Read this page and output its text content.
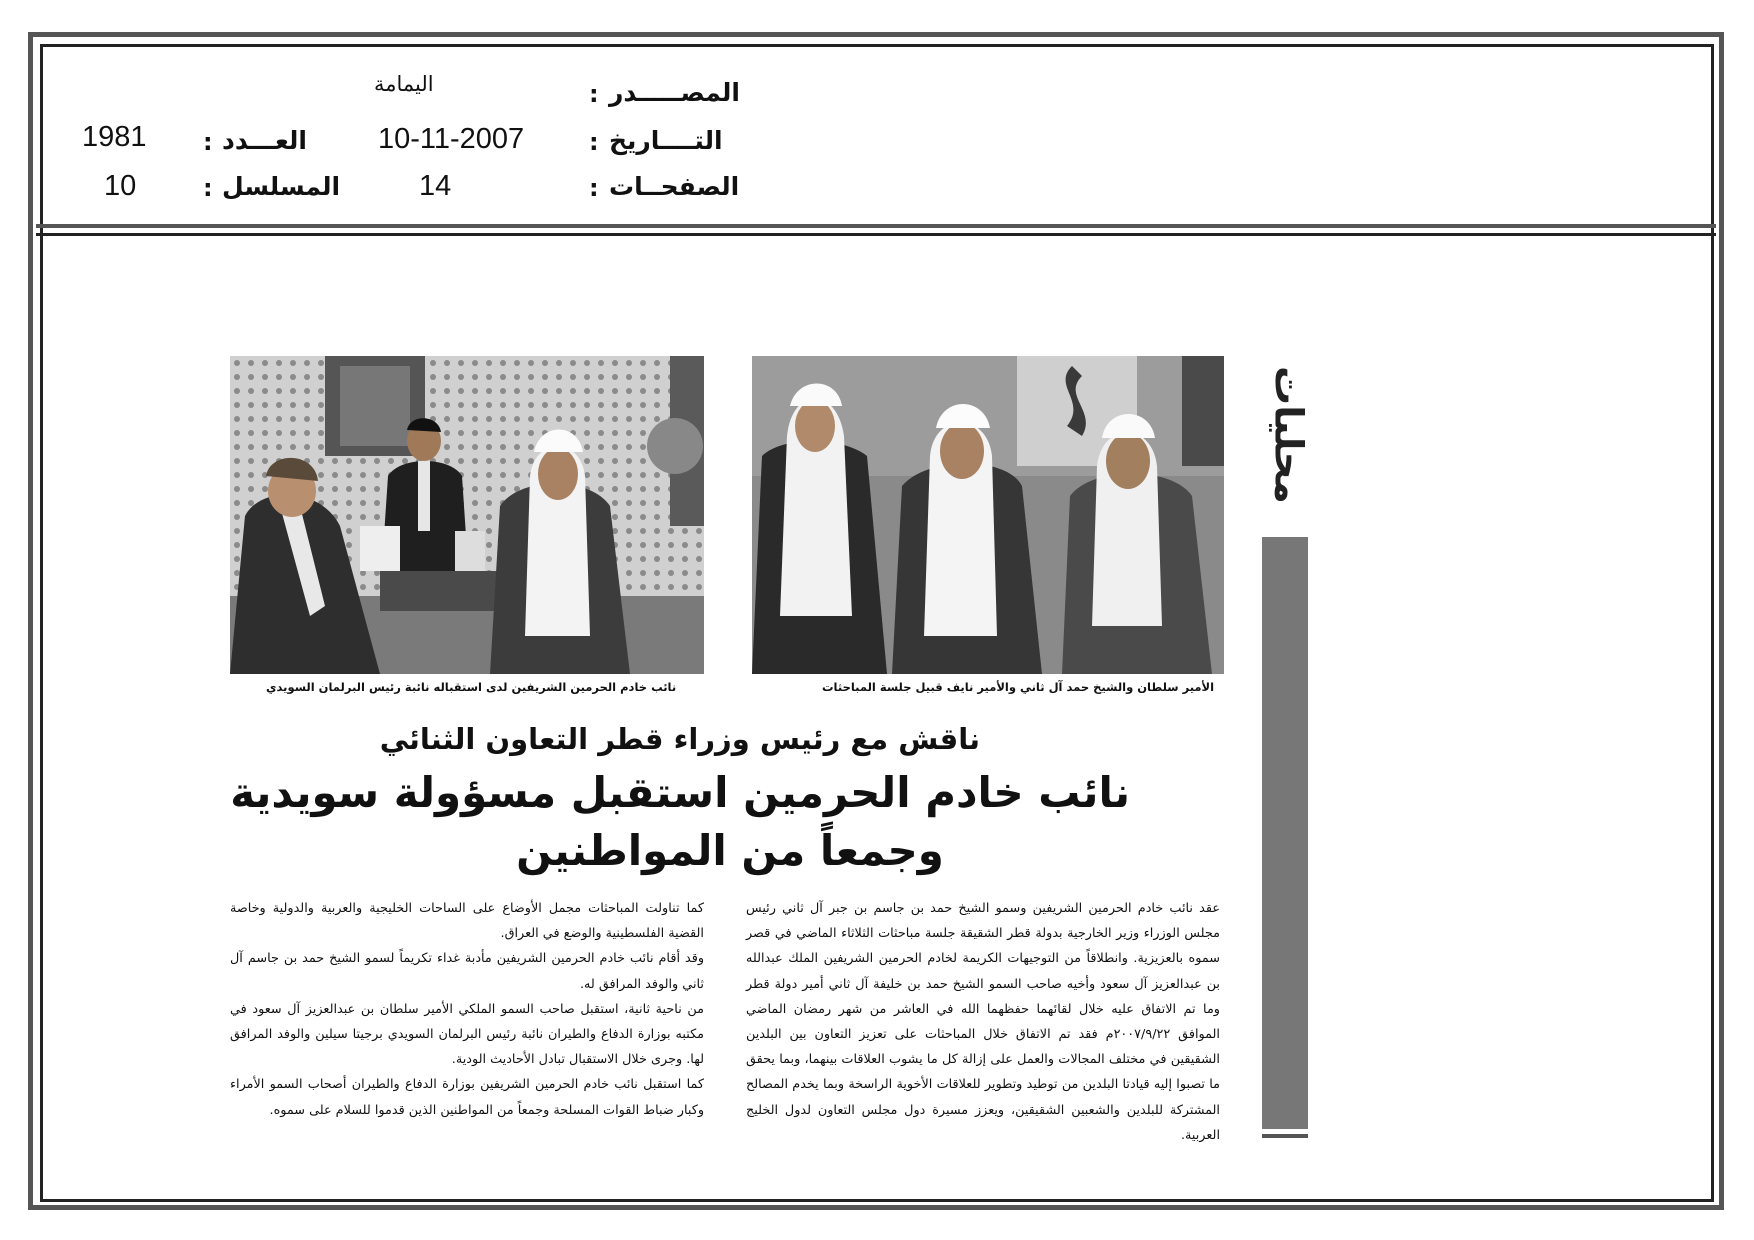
المصـــــدر
:
اليمامة
التــــاريخ
:
10-11-2007
الصفحــات
:
14
العـــدد
:
1981
المسلسل
:
10
محليات
الأمير سلطان والشيخ حمد آل ثاني والأمير نايف قبيل جلسة المباحثات
نائب خادم الحرمين الشريفين لدى استقباله نائبة رئيس البرلمان السويدي
ناقش مع رئيس وزراء قطر التعاون الثنائي
نائب خادم الحرمين استقبل مسؤولة سويدية
وجمعاً من المواطنين

عقد نائب خادم الحرمين الشريفين وسمو الشيخ حمد بن جاسم بن جبر آل ثاني رئيس مجلس الوزراء وزير الخارجية بدولة قطر الشقيقة جلسة مباحثات الثلاثاء الماضي في قصر سموه بالعزيزية. وانطلاقاً من التوجيهات الكريمة لخادم الحرمين الشريفين الملك عبدالله بن عبدالعزيز آل سعود وأخيه صاحب السمو الشيخ حمد بن خليفة آل ثاني أمير دولة قطر وما تم الاتفاق عليه خلال لقائهما حفظهما الله في العاشر من شهر رمضان الماضي الموافق ٢٠٠٧/٩/٢٢م فقد تم الاتفاق خلال المباحثات على تعزيز التعاون بين البلدين الشقيقين في مختلف المجالات والعمل على إزالة كل ما يشوب العلاقات بينهما، وبما يحقق ما تصبوا إليه قيادتا البلدين من توطيد وتطوير للعلاقات الأخوية الراسخة وبما يخدم المصالح المشتركة للبلدين والشعبين الشقيقين، ويعزز مسيرة دول مجلس التعاون لدول الخليج العربية.

كما تناولت المباحثات مجمل الأوضاع على الساحات الخليجية والعربية والدولية وخاصة القضية الفلسطينية والوضع في العراق.

وقد أقام نائب خادم الحرمين الشريفين مأدبة غداء تكريماً لسمو الشيخ حمد بن جاسم آل ثاني والوفد المرافق له.

من ناحية ثانية، استقبل صاحب السمو الملكي الأمير سلطان بن عبدالعزيز آل سعود في مكتبه بوزارة الدفاع والطيران نائبة رئيس البرلمان السويدي برجيتا سيلين والوفد المرافق لها. وجرى خلال الاستقبال تبادل الأحاديث الودية.

كما استقبل نائب خادم الحرمين الشريفين بوزارة الدفاع والطيران أصحاب السمو الأمراء وكبار ضباط القوات المسلحة وجمعاً من المواطنين الذين قدموا للسلام على سموه.
